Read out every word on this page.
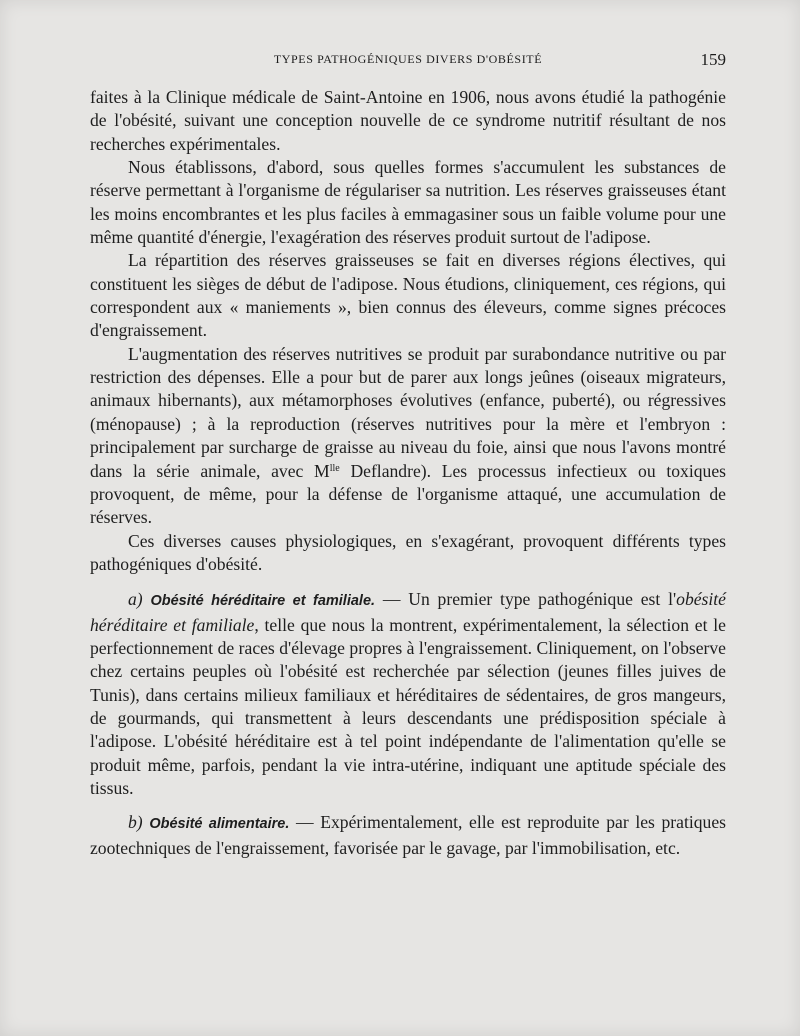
TYPES PATHOGÉNIQUES DIVERS D'OBÉSITÉ	159

faites à la Clinique médicale de Saint-Antoine en 1906, nous avons étudié la pathogénie de l'obésité, suivant une conception nouvelle de ce syndrome nutritif résultant de nos recherches expérimentales.

Nous établissons, d'abord, sous quelles formes s'accumulent les substances de réserve permettant à l'organisme de régulariser sa nutrition. Les réserves graisseuses étant les moins encombrantes et les plus faciles à emmagasiner sous un faible volume pour une même quantité d'énergie, l'exagération des réserves produit surtout de l'adipose.

La répartition des réserves graisseuses se fait en diverses régions électives, qui constituent les sièges de début de l'adipose. Nous étudions, cliniquement, ces régions, qui correspondent aux « maniements », bien connus des éleveurs, comme signes précoces d'engraissement.

L'augmentation des réserves nutritives se produit par surabondance nutritive ou par restriction des dépenses. Elle a pour but de parer aux longs jeûnes (oiseaux migrateurs, animaux hibernants), aux métamorphoses évolutives (enfance, puberté), ou régressives (ménopause) ; à la reproduction (réserves nutritives pour la mère et l'embryon : principalement par surcharge de graisse au niveau du foie, ainsi que nous l'avons montré dans la série animale, avec $M^{lle}$ Deflandre). Les processus infectieux ou toxiques provoquent, de même, pour la défense de l'organisme attaqué, une accumulation de réserves.

Ces diverses causes physiologiques, en s'exagérant, provoquent différents types pathogéniques d'obésité.

a) Obésité héréditaire et familiale. — Un premier type pathogénique est l'obésité héréditaire et familiale, telle que nous la montrent, expérimentalement, la sélection et le perfectionnement de races d'élevage propres à l'engraissement. Cliniquement, on l'observe chez certains peuples où l'obésité est recherchée par sélection (jeunes filles juives de Tunis), dans certains milieux familiaux et héréditaires de sédentaires, de gros mangeurs, de gourmands, qui transmettent à leurs descendants une prédisposition spéciale à l'adipose. L'obésité héréditaire est à tel point indépendante de l'alimentation qu'elle se produit même, parfois, pendant la vie intra-utérine, indiquant une aptitude spéciale des tissus.

b) Obésité alimentaire. — Expérimentalement, elle est reproduite par les pratiques zootechniques de l'engraissement, favorisée par le gavage, par l'immobilisation, etc.
